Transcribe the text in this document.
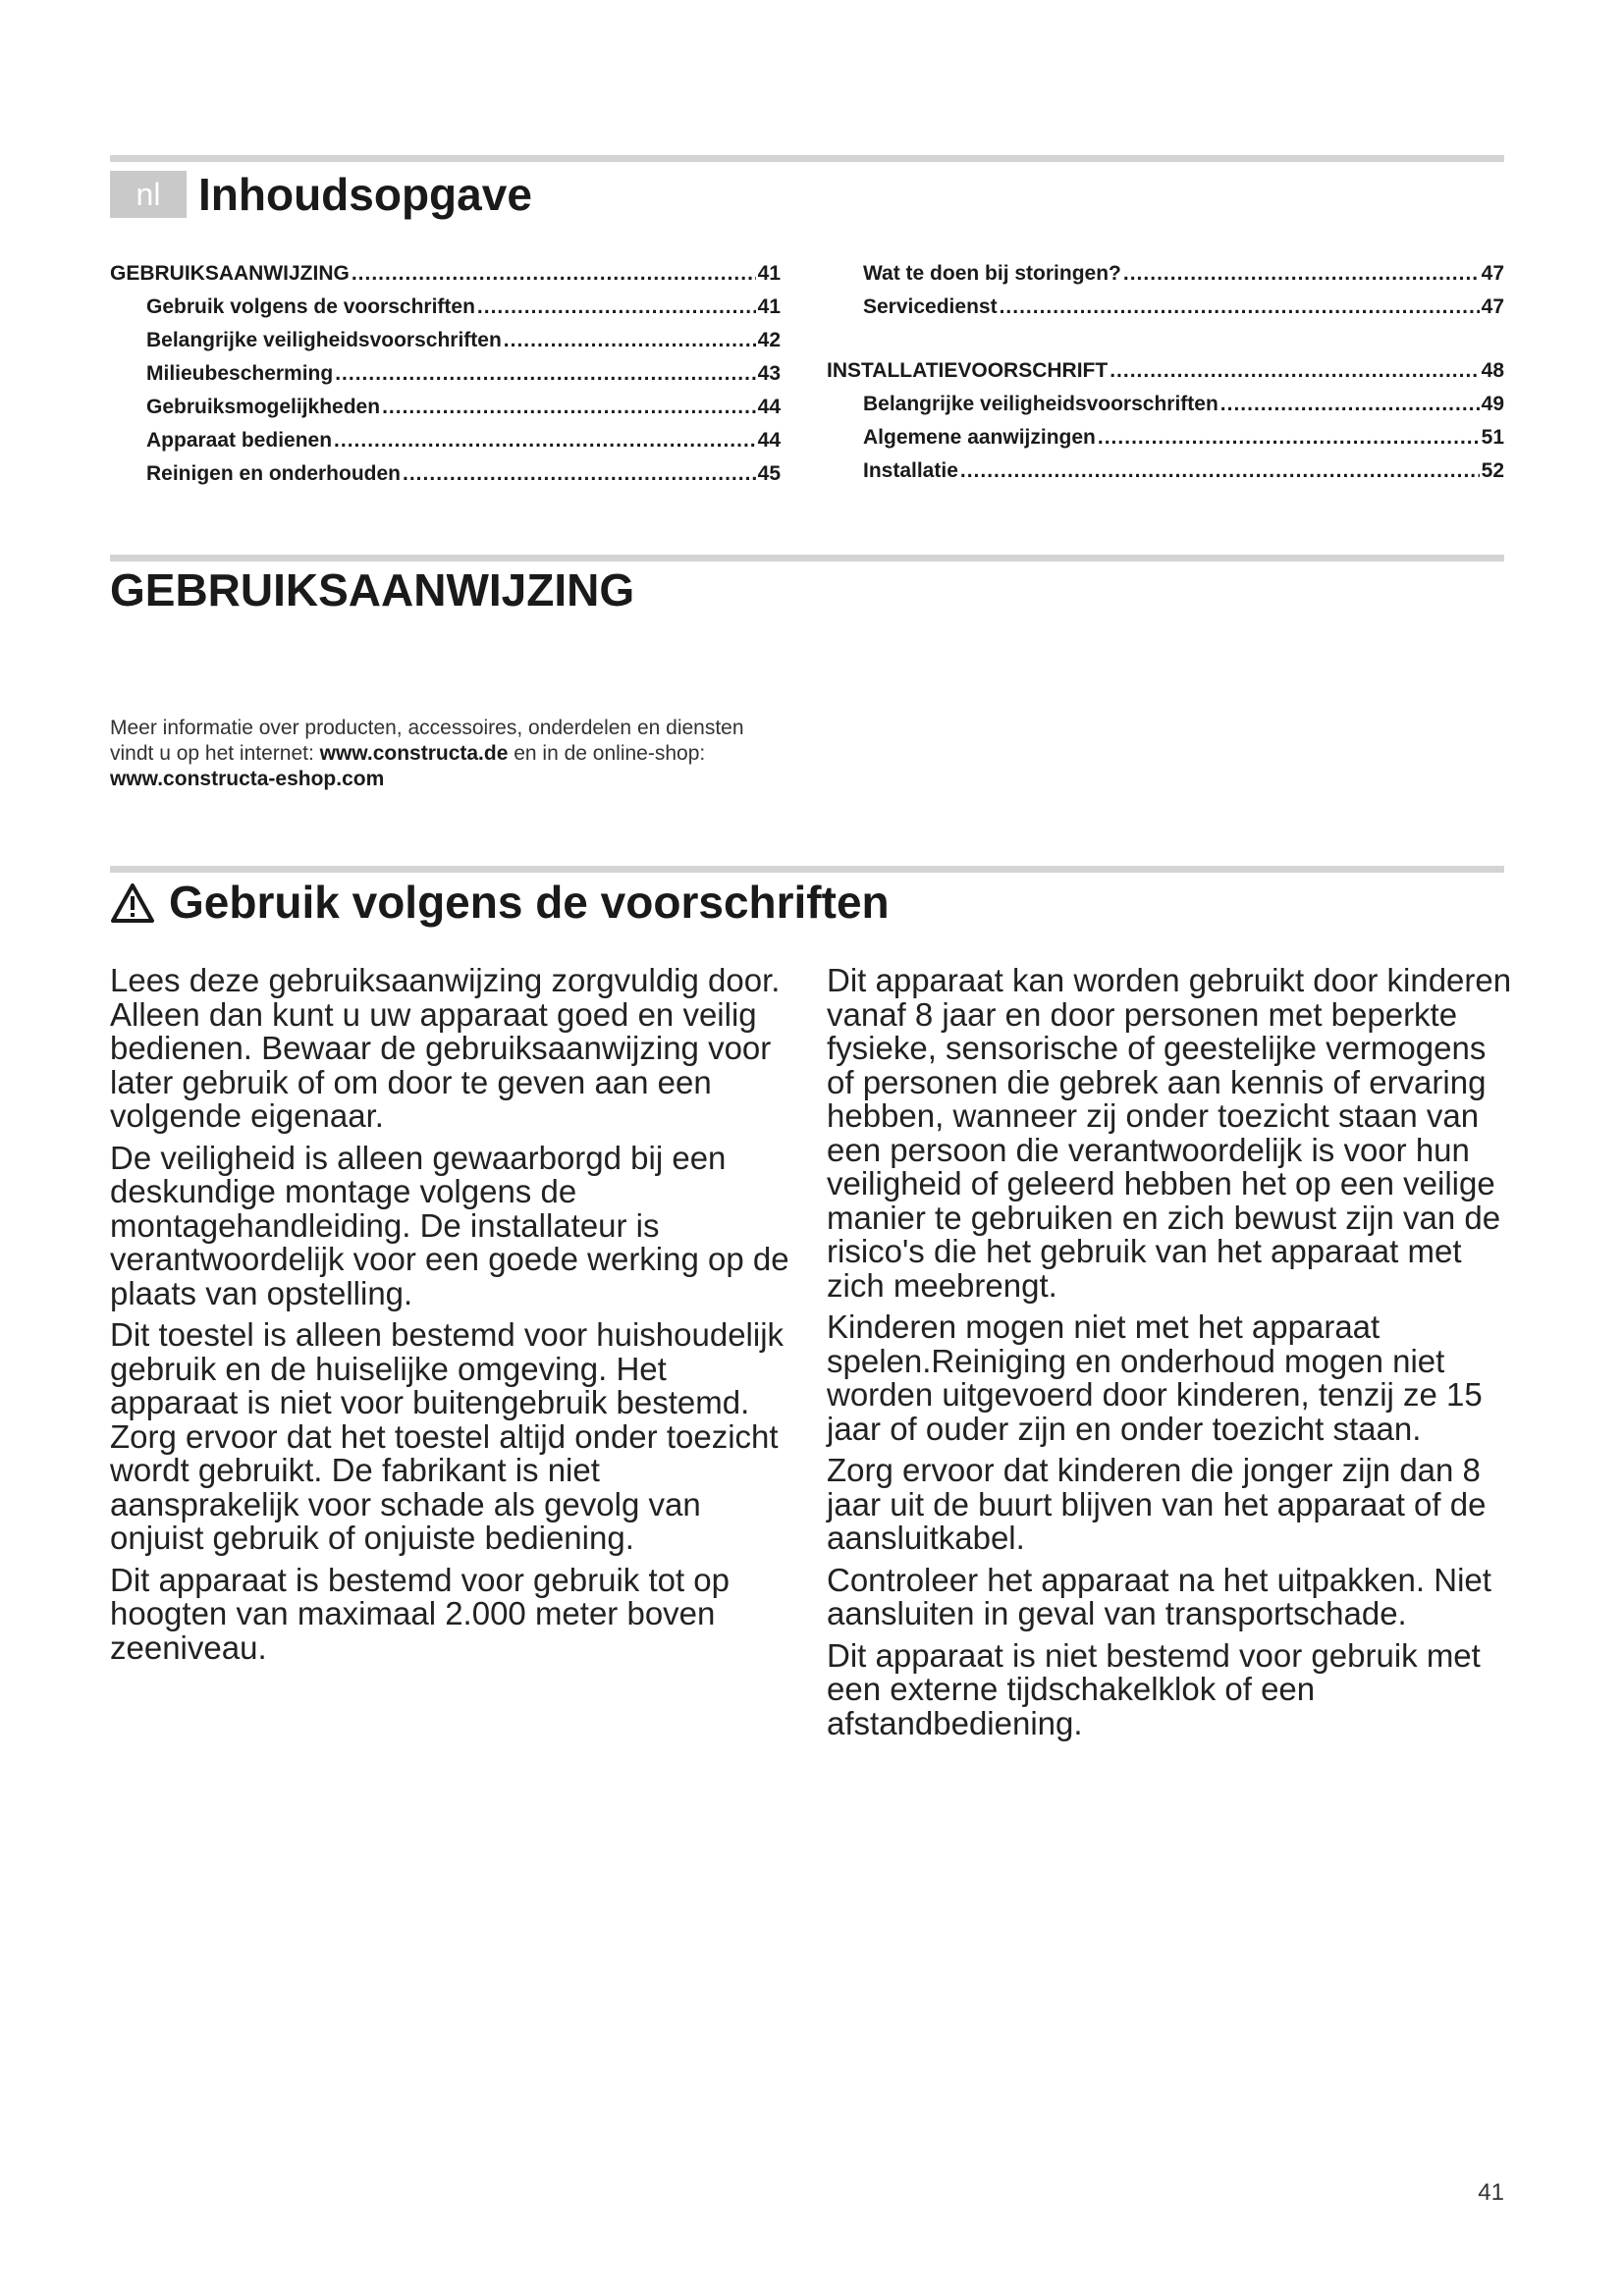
nl Inhoudsopgave
GEBRUIKSAANWIJZING .....	41
Gebruik volgens de voorschriften .....	41
Belangrijke veiligheidsvoorschriften .....	42
Milieubescherming .....	43
Gebruiksmogelijkheden .....	44
Apparaat bedienen .....	44
Reinigen en onderhouden .....	45
Wat te doen bij storingen? .....	47
Servicedienst .....	47
INSTALLATIEVOORSCHRIFT .....	48
Belangrijke veiligheidsvoorschriften .....	49
Algemene aanwijzingen .....	51
Installatie .....	52
GEBRUIKSAANWIJZING
Meer informatie over producten, accessoires, onderdelen en diensten vindt u op het internet: www.constructa.de en in de online-shop: www.constructa-eshop.com
Gebruik volgens de voorschriften

Lees deze gebruiksaanwijzing zorgvuldig door. Alleen dan kunt u uw apparaat goed en veilig bedienen. Bewaar de gebruiksaanwijzing voor later gebruik of om door te geven aan een volgende eigenaar.

De veiligheid is alleen gewaarborgd bij een deskundige montage volgens de montagehandleiding. De installateur is verantwoordelijk voor een goede werking op de plaats van opstelling.

Dit toestel is alleen bestemd voor huishoudelijk gebruik en de huiselijke omgeving. Het apparaat is niet voor buitengebruik bestemd. Zorg ervoor dat het toestel altijd onder toezicht wordt gebruikt. De fabrikant is niet aansprakelijk voor schade als gevolg van onjuist gebruik of onjuiste bediening.

Dit apparaat is bestemd voor gebruik tot op hoogten van maximaal 2.000 meter boven zeeniveau.

Dit apparaat kan worden gebruikt door kinderen vanaf 8 jaar en door personen met beperkte fysieke, sensorische of geestelijke vermogens of personen die gebrek aan kennis of ervaring hebben, wanneer zij onder toezicht staan van een persoon die verantwoordelijk is voor hun veiligheid of geleerd hebben het op een veilige manier te gebruiken en zich bewust zijn van de risico's die het gebruik van het apparaat met zich meebrengt.

Kinderen mogen niet met het apparaat spelen.Reiniging en onderhoud mogen niet worden uitgevoerd door kinderen, tenzij ze 15 jaar of ouder zijn en onder toezicht staan.

Zorg ervoor dat kinderen die jonger zijn dan 8 jaar uit de buurt blijven van het apparaat of de aansluitkabel.

Controleer het apparaat na het uitpakken. Niet aansluiten in geval van transportschade.

Dit apparaat is niet bestemd voor gebruik met een externe tijdschakelklok of een afstandbediening.

41
